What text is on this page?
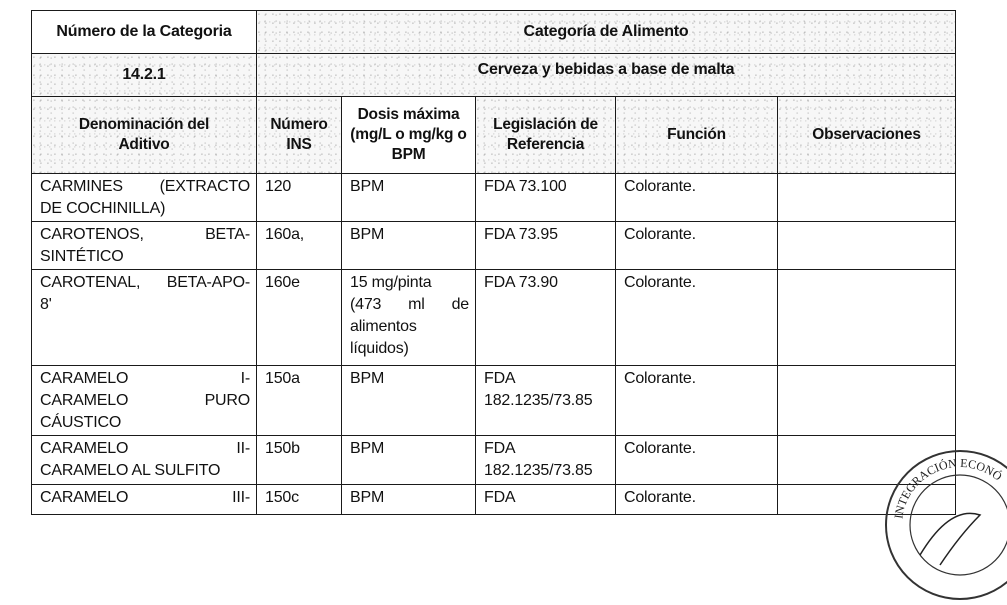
Número de la Categoria	Categoría de Alimento				
14.2.1	Cerveza y bebidas a base de malta				
Denominación del Aditivo	Número INS	Dosis máxima (mg/L o mg/kg o BPM	Legislación de Referencia	Función	Observaciones

CARMINES (EXTRACTO
DE COCHINILLA)	120	BPM	FDA 73.100	Colorante.	

CAROTENOS, BETA-
SINTÉTICO	160a,	BPM	FDA 73.95	Colorante.	

CAROTENAL, BETA-APO-
8'	160e	15 mg/pinta
(473 ml de
alimentos
líquidos)	FDA 73.90	Colorante.	

CARAMELO I-
CARAMELO PURO
CÁUSTICO	150a	BPM	FDA
182.1235/73.85	Colorante.	

CARAMELO II-
CARAMELO AL SULFITO	150b	BPM	FDA
182.1235/73.85	Colorante.	

CARAMELO III-	150c	BPM	FDA	Colorante.	
INTEGRACIÓN ECONÓ
